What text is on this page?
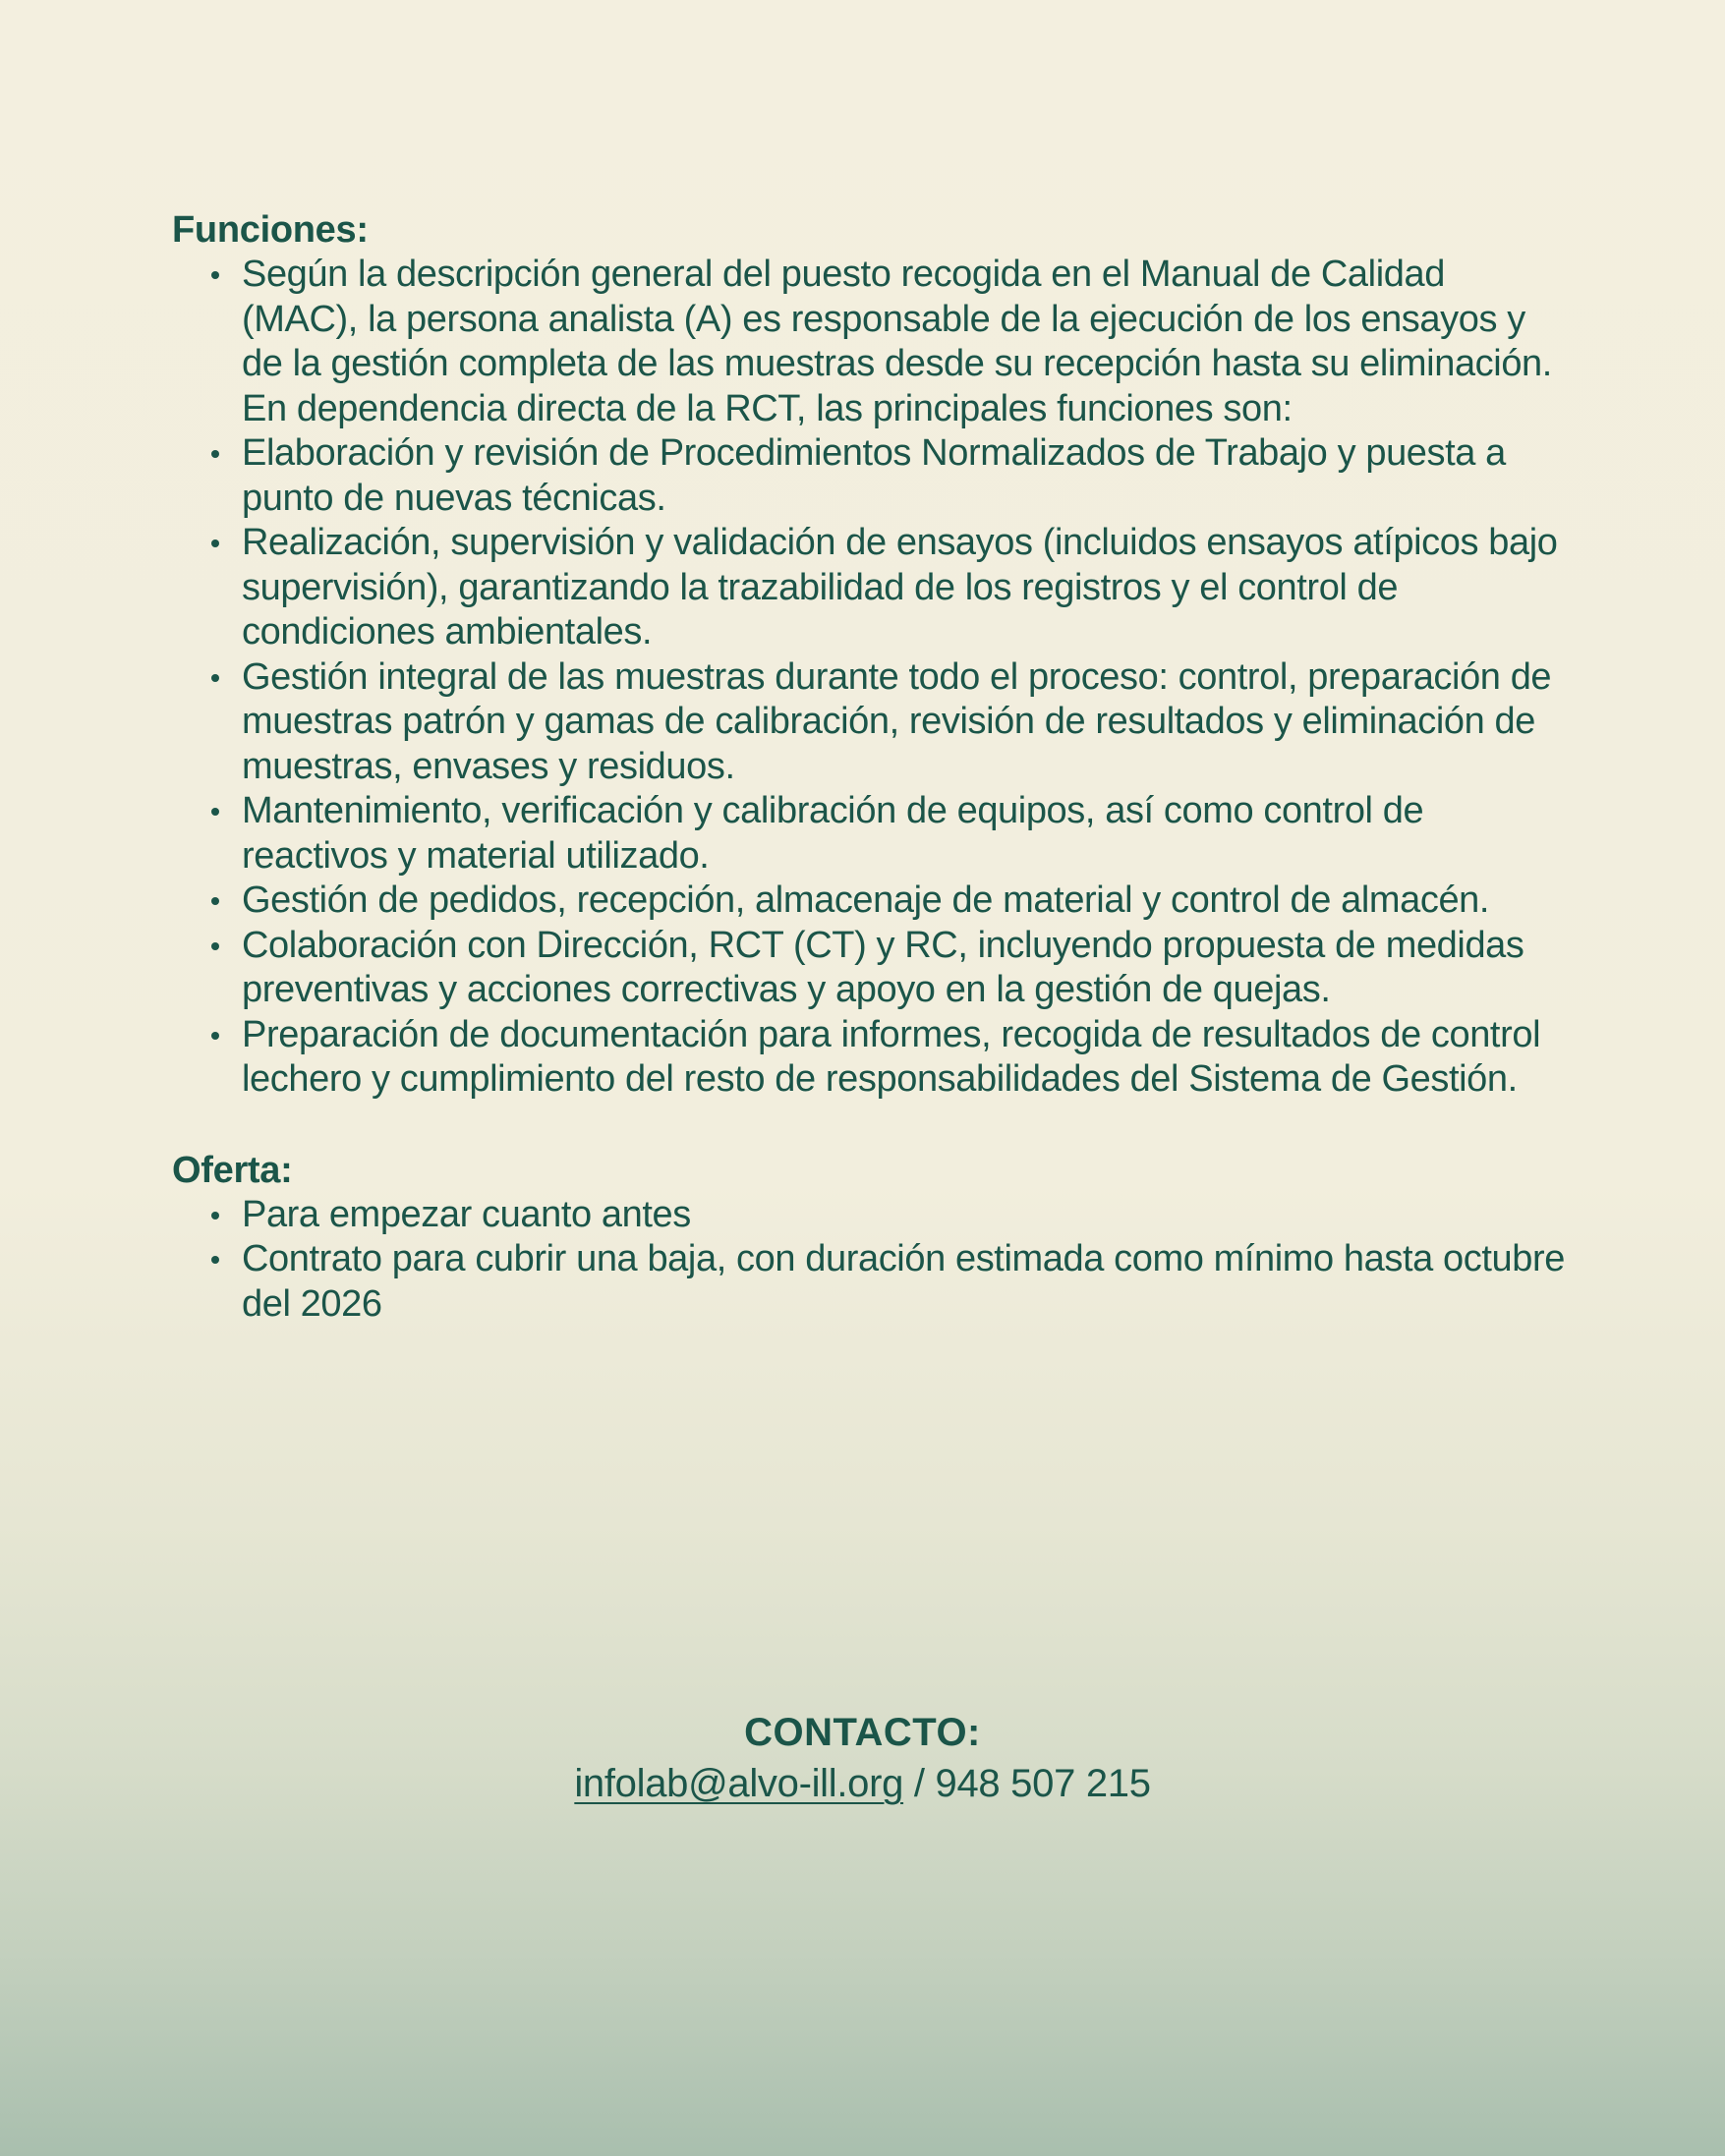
Funciones:
Según la descripción general del puesto recogida en el Manual de Calidad (MAC), la persona analista (A) es responsable de la ejecución de los ensayos y de la gestión completa de las muestras desde su recepción hasta su eliminación. En dependencia directa de la RCT, las principales funciones son:
Elaboración y revisión de Procedimientos Normalizados de Trabajo y puesta a punto de nuevas técnicas.
Realización, supervisión y validación de ensayos (incluidos ensayos atípicos bajo supervisión), garantizando la trazabilidad de los registros y el control de condiciones ambientales.
Gestión integral de las muestras durante todo el proceso: control, preparación de muestras patrón y gamas de calibración, revisión de resultados y eliminación de muestras, envases y residuos.
Mantenimiento, verificación y calibración de equipos, así como control de reactivos y material utilizado.
Gestión de pedidos, recepción, almacenaje de material y control de almacén.
Colaboración con Dirección, RCT (CT) y RC, incluyendo propuesta de medidas preventivas y acciones correctivas y apoyo en la gestión de quejas.
Preparación de documentación para informes, recogida de resultados de control lechero y cumplimiento del resto de responsabilidades del Sistema de Gestión.
Oferta:
Para empezar cuanto antes
Contrato para cubrir una baja, con duración estimada como mínimo hasta octubre del 2026
CONTACTO:
infolab@alvo-ill.org / 948 507 215
